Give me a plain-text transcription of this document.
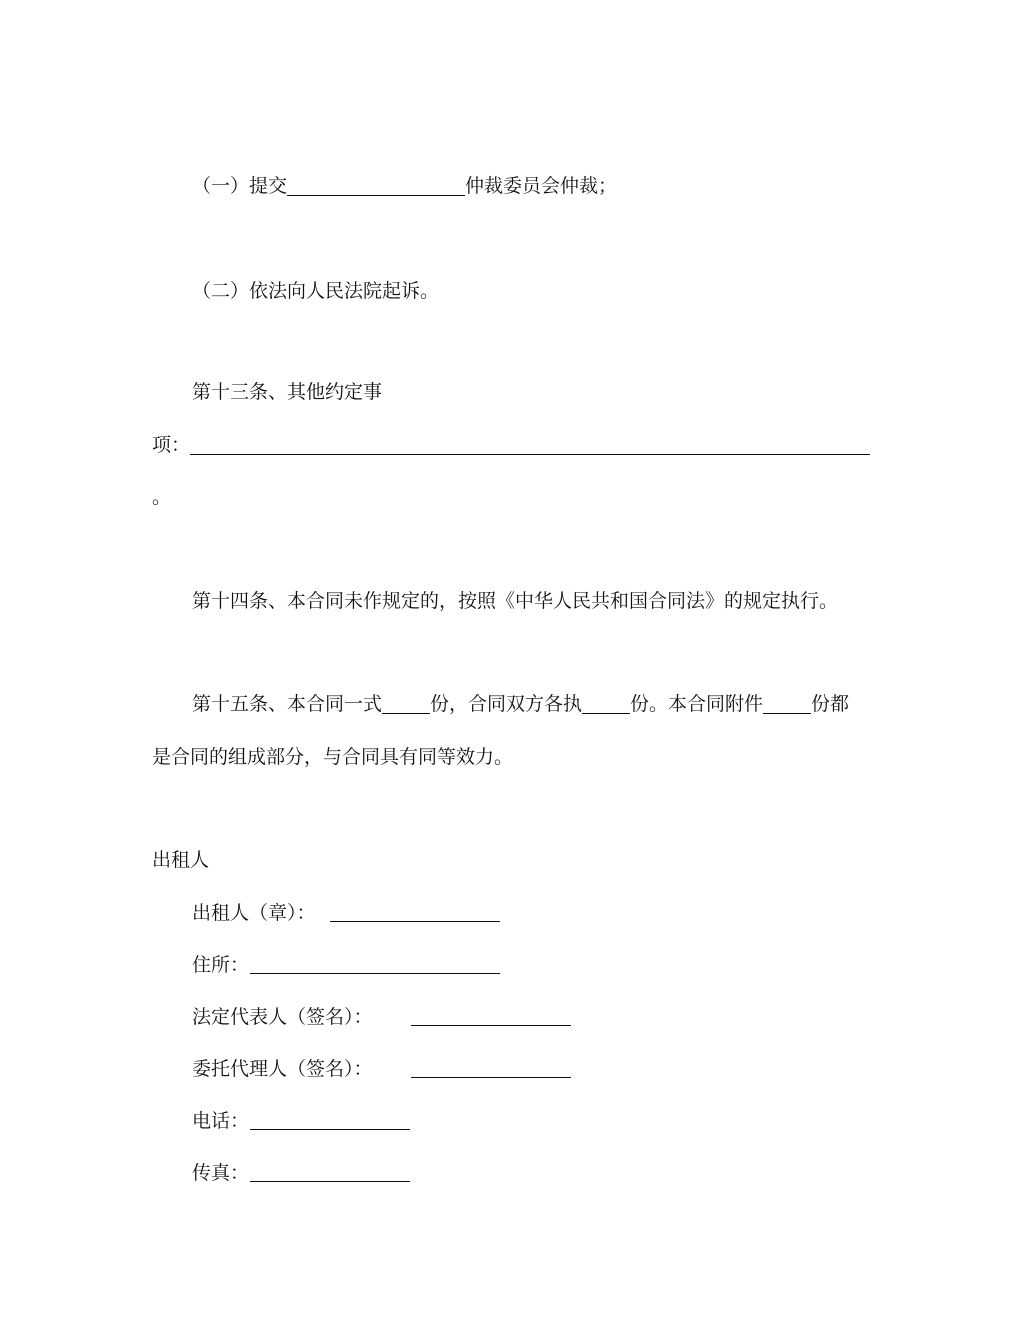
（一）提交	仲裁委员会仲裁；
（二）依法向人民法院起诉。
第十三条、其他约定事
项：
。
第十四条、本合同未作规定的，按照《中华人民共和国合同法》的规定执行。
第十五条、本合同一式	份，合同双方各执	份。本合同附件	份都
是合同的组成部分，与合同具有同等效力。
出租人
出租人（章）：
住所：
法定代表人（签名）：
委托代理人（签名）：
电话：
传真：
